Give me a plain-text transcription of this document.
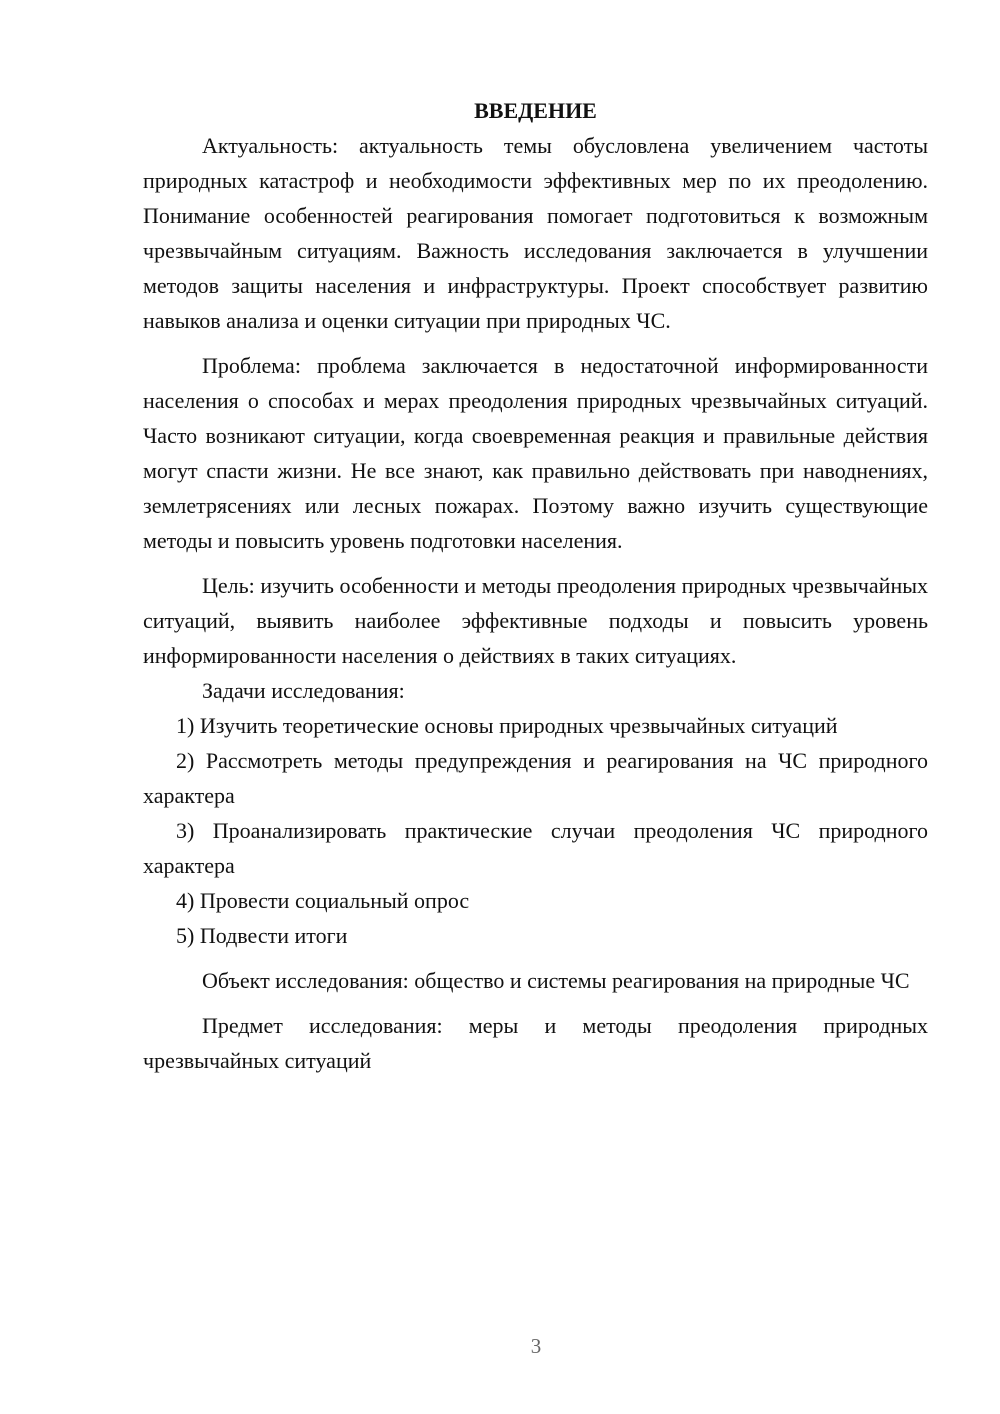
ВВЕДЕНИЕ

Актуальность: актуальность темы обусловлена увеличением частоты природных катастроф и необходимости эффективных мер по их преодолению. Понимание особенностей реагирования помогает подготовиться к возможным чрезвычайным ситуациям. Важность исследования заключается в улучшении методов защиты населения и инфраструктуры. Проект способствует развитию навыков анализа и оценки ситуации при природных ЧС.

Проблема: проблема заключается в недостаточной информированности населения о способах и мерах преодоления природных чрезвычайных ситуаций. Часто возникают ситуации, когда своевременная реакция и правильные действия могут спасти жизни. Не все знают, как правильно действовать при наводнениях, землетрясениях или лесных пожарах. Поэтому важно изучить существующие методы и повысить уровень подготовки населения.

Цель: изучить особенности и методы преодоления природных чрезвычайных ситуаций, выявить наиболее эффективные подходы и повысить уровень информированности населения о действиях в таких ситуациях.

Задачи исследования:

1) Изучить теоретические основы природных чрезвычайных ситуаций

2) Рассмотреть методы предупреждения и реагирования на ЧС природного характера

3) Проанализировать практические случаи преодоления ЧС природного характера

4) Провести социальный опрос

5) Подвести итоги

Объект исследования: общество и системы реагирования на природные ЧС

Предмет исследования: меры и методы преодоления природных чрезвычайных ситуаций

3
